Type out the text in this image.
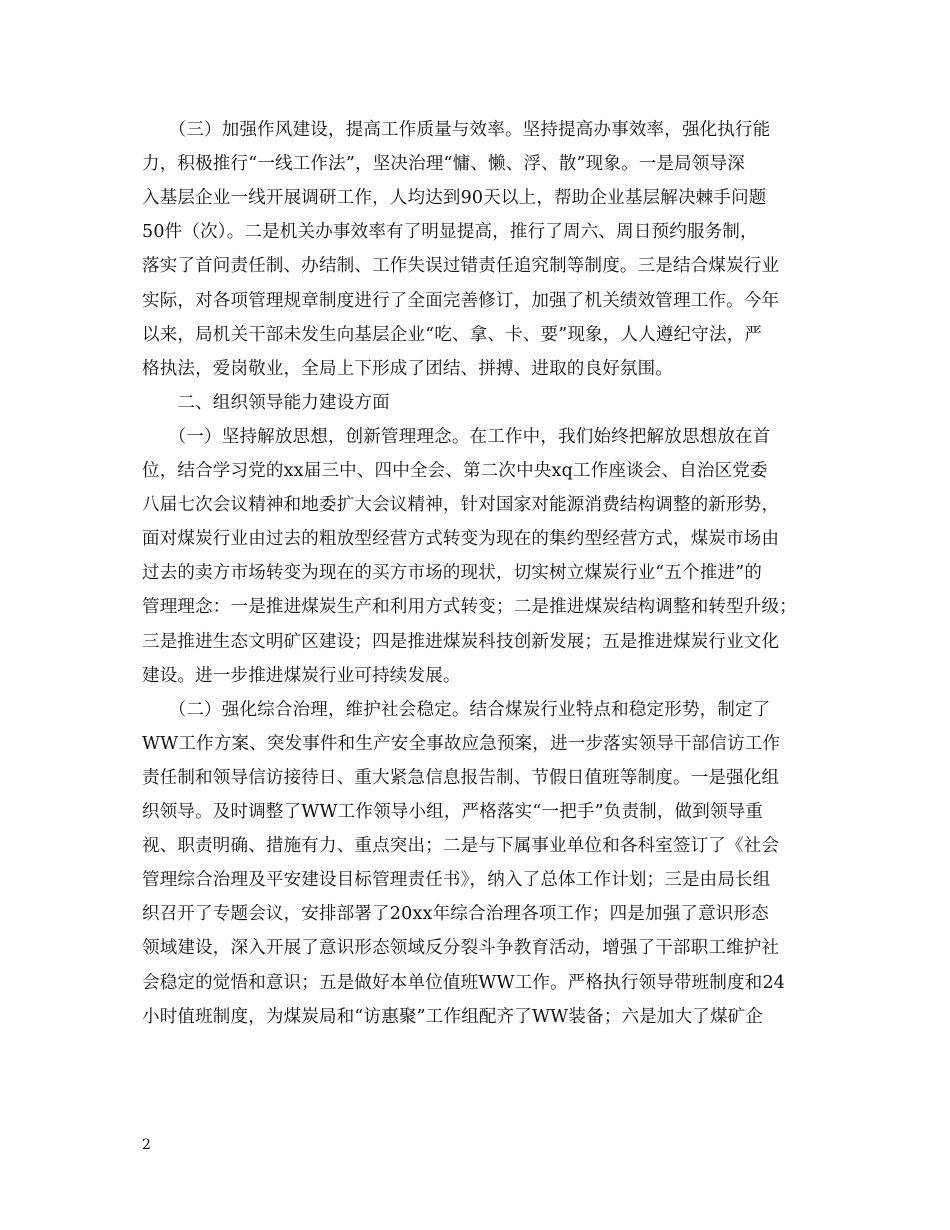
　　（三）加强作风建设，提高工作质量与效率。坚持提高办事效率，强化执行能
力，积极推行“一线工作法”，坚决治理“慵、懒、浮、散”现象。一是局领导深
入基层企业一线开展调研工作，人均达到90天以上，帮助企业基层解决棘手问题
50件（次）。二是机关办事效率有了明显提高，推行了周六、周日预约服务制，
落实了首问责任制、办结制、工作失误过错责任追究制等制度。三是结合煤炭行业
实际，对各项管理规章制度进行了全面完善修订，加强了机关绩效管理工作。今年
以来，局机关干部未发生向基层企业“吃、拿、卡、要”现象，人人遵纪守法，严
格执法，爱岗敬业，全局上下形成了团结、拼搏、进取的良好氛围。
　　二、组织领导能力建设方面
　　（一）坚持解放思想，创新管理理念。在工作中，我们始终把解放思想放在首
位，结合学习党的xx届三中、四中全会、第二次中央xq工作座谈会、自治区党委
八届七次会议精神和地委扩大会议精神，针对国家对能源消费结构调整的新形势，
面对煤炭行业由过去的粗放型经营方式转变为现在的集约型经营方式，煤炭市场由
过去的卖方市场转变为现在的买方市场的现状，切实树立煤炭行业“五个推进”的
管理理念：一是推进煤炭生产和利用方式转变；二是推进煤炭结构调整和转型升级；
三是推进生态文明矿区建设；四是推进煤炭科技创新发展；五是推进煤炭行业文化
建设。进一步推进煤炭行业可持续发展。
　　（二）强化综合治理，维护社会稳定。结合煤炭行业特点和稳定形势，制定了
WW工作方案、突发事件和生产安全事故应急预案，进一步落实领导干部信访工作
责任制和领导信访接待日、重大紧急信息报告制、节假日值班等制度。一是强化组
织领导。及时调整了WW工作领导小组，严格落实“一把手”负责制，做到领导重
视、职责明确、措施有力、重点突出；二是与下属事业单位和各科室签订了《社会
管理综合治理及平安建设目标管理责任书》，纳入了总体工作计划；三是由局长组
织召开了专题会议，安排部署了20xx年综合治理各项工作；四是加强了意识形态
领域建设，深入开展了意识形态领域反分裂斗争教育活动，增强了干部职工维护社
会稳定的觉悟和意识；五是做好本单位值班WW工作。严格执行领导带班制度和24
小时值班制度，为煤炭局和“访惠聚”工作组配齐了WW装备；六是加大了煤矿企
2
